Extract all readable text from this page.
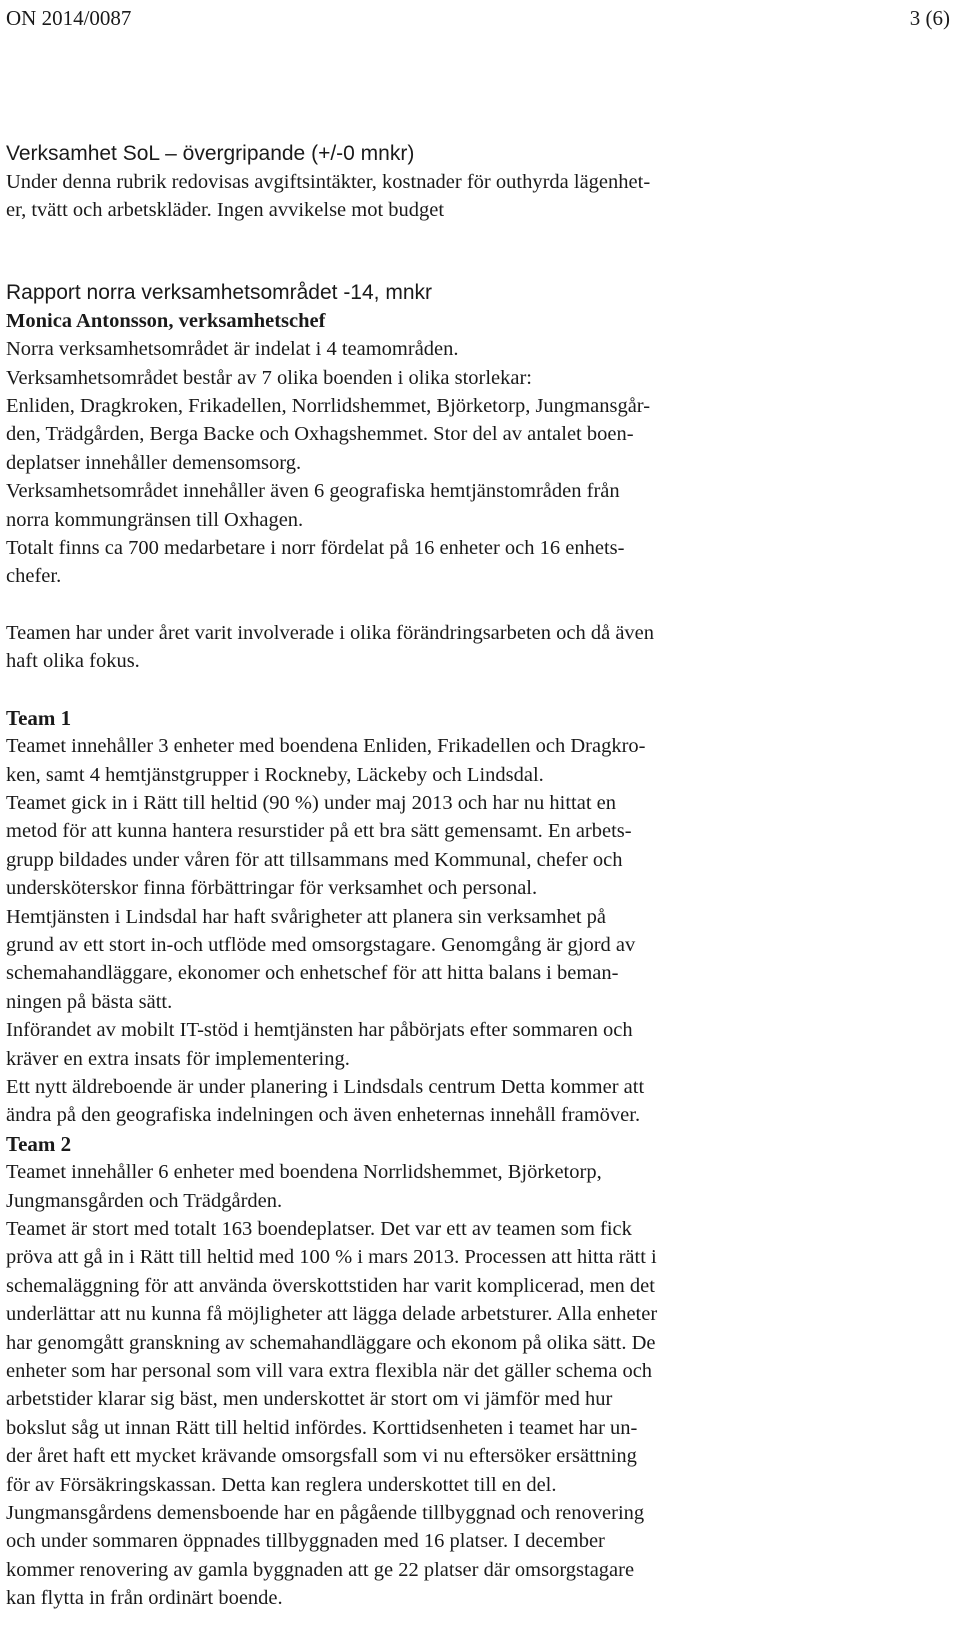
ON 2014/0087	3 (6)

Verksamhet SoL – övergripande (+/-0 mnkr)

Under denna rubrik redovisas avgiftsintäkter, kostnader för outhyrda lägenhet-

er, tvätt och arbetskläder. Ingen avvikelse mot budget

Rapport norra verksamhetsområdet -14, mnkr

Monica Antonsson, verksamhetschef

Norra verksamhetsområdet är indelat i 4 teamområden.

Verksamhetsområdet består av 7 olika boenden i olika storlekar:

Enliden, Dragkroken, Frikadellen, Norrlidshemmet, Björketorp, Jungmansgår-

den, Trädgården, Berga Backe och Oxhagshemmet. Stor del av antalet boen-

deplatser innehåller demensomsorg.

Verksamhetsområdet innehåller även 6 geografiska hemtjänstområden från

norra kommungränsen till Oxhagen.

Totalt finns ca 700 medarbetare i norr fördelat på 16 enheter och 16 enhets-

chefer.

Teamen har under året varit involverade i olika förändringsarbeten och då även

haft olika fokus.

Team 1

Teamet innehåller 3 enheter med boendena Enliden, Frikadellen och Dragkro-

ken, samt 4 hemtjänstgrupper i Rockneby, Läckeby och Lindsdal.

Teamet gick in i Rätt till heltid (90 %) under maj 2013 och har nu hittat en

metod för att kunna hantera resurstider på ett bra sätt gemensamt. En arbets-

grupp bildades under våren för att tillsammans med Kommunal, chefer och

undersköterskor finna förbättringar för verksamhet och personal.

Hemtjänsten i Lindsdal har haft svårigheter att planera sin verksamhet på

grund av ett stort in-och utflöde med omsorgstagare. Genomgång är gjord av

schemahandläggare, ekonomer och enhetschef för att hitta balans i beman-

ningen på bästa sätt.

Införandet av mobilt IT-stöd i hemtjänsten har påbörjats efter sommaren och

kräver en extra insats för implementering.

Ett nytt äldreboende är under planering i Lindsdals centrum Detta kommer att

ändra på den geografiska indelningen och även enheternas innehåll framöver.

Team 2

Teamet innehåller 6 enheter med boendena Norrlidshemmet, Björketorp,

Jungmansgården och Trädgården.

Teamet är stort med totalt 163 boendeplatser. Det var ett av teamen som fick

pröva att gå in i Rätt till heltid med 100 % i mars 2013. Processen att hitta rätt i

schemaläggning för att använda överskottstiden har varit komplicerad, men det

underlättar att nu kunna få möjligheter att lägga delade arbetsturer. Alla enheter

har genomgått granskning av schemahandläggare och ekonom på olika sätt. De

enheter som har personal som vill vara extra flexibla när det gäller schema och

arbetstider klarar sig bäst, men underskottet är stort om vi jämför med hur

bokslut såg ut innan Rätt till heltid infördes. Korttidsenheten i teamet har un-

der året haft ett mycket krävande omsorgsfall som vi nu eftersöker ersättning

för av Försäkringskassan. Detta kan reglera underskottet till en del.

Jungmansgårdens demensboende har en pågående tillbyggnad och renovering

och under sommaren öppnades tillbyggnaden med 16 platser. I december

kommer renovering av gamla byggnaden att ge 22 platser där omsorgstagare

kan flytta in från ordinärt boende.
